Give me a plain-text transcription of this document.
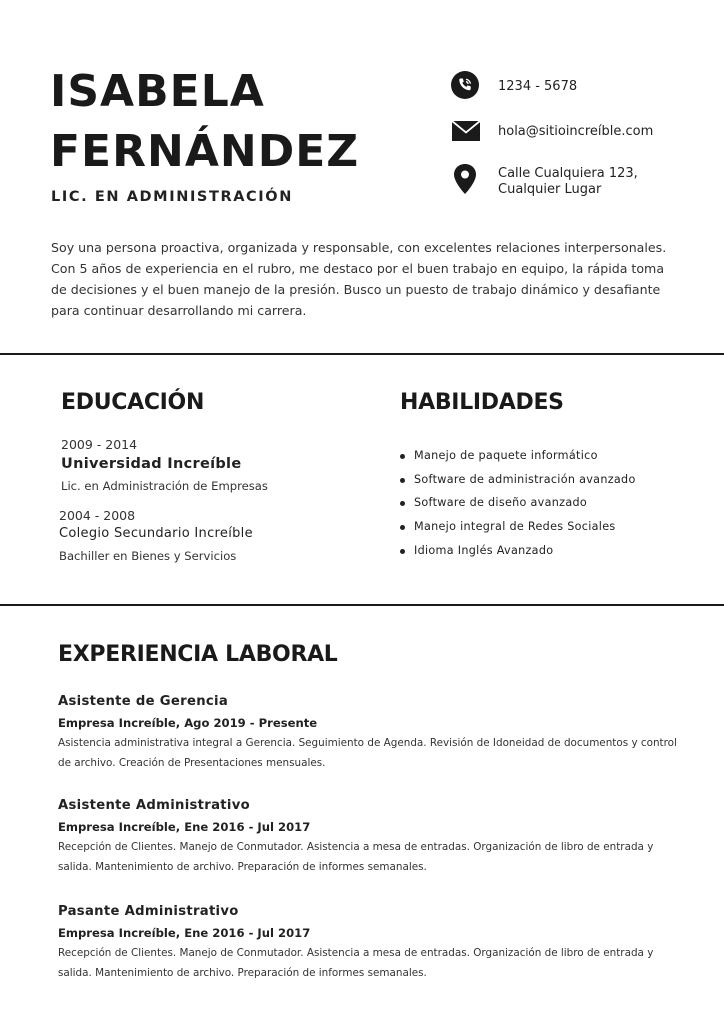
ISABELA
FERNÁNDEZ
LIC. EN ADMINISTRACIÓN
1234 - 5678
hola@sitioincreíble.com
Calle Cualquiera 123,
Cualquier Lugar

Soy una persona proactiva, organizada y responsable, con excelentes relaciones interpersonales. Con 5 años de experiencia en el rubro, me destaco por el buen trabajo en equipo, la rápida toma de decisiones y el buen manejo de la presión. Busco un puesto de trabajo dinámico y desafiante para continuar desarrollando mi carrera.

EDUCACIÓN
2009 - 2014
Universidad Increíble
Lic. en Administración de Empresas
2004 - 2008
Colegio Secundario Increíble
Bachiller en Bienes y Servicios
HABILIDADES
Manejo de paquete informático
Software de administración avanzado
Software de diseño avanzado
Manejo integral de Redes Sociales
Idioma Inglés Avanzado
EXPERIENCIA LABORAL
Asistente de Gerencia
Empresa Increíble, Ago 2019 - Presente
Asistencia administrativa integral a Gerencia. Seguimiento de Agenda. Revisión de Idoneidad de documentos y control de archivo. Creación de Presentaciones mensuales.
Asistente Administrativo
Empresa Increíble, Ene 2016 - Jul 2017
Recepción de Clientes. Manejo de Conmutador. Asistencia a mesa de entradas. Organización de libro de entrada y salida. Mantenimiento de archivo. Preparación de informes semanales.
Pasante Administrativo
Empresa Increíble, Ene 2016 - Jul 2017
Recepción de Clientes. Manejo de Conmutador. Asistencia a mesa de entradas. Organización de libro de entrada y salida. Mantenimiento de archivo. Preparación de informes semanales.
